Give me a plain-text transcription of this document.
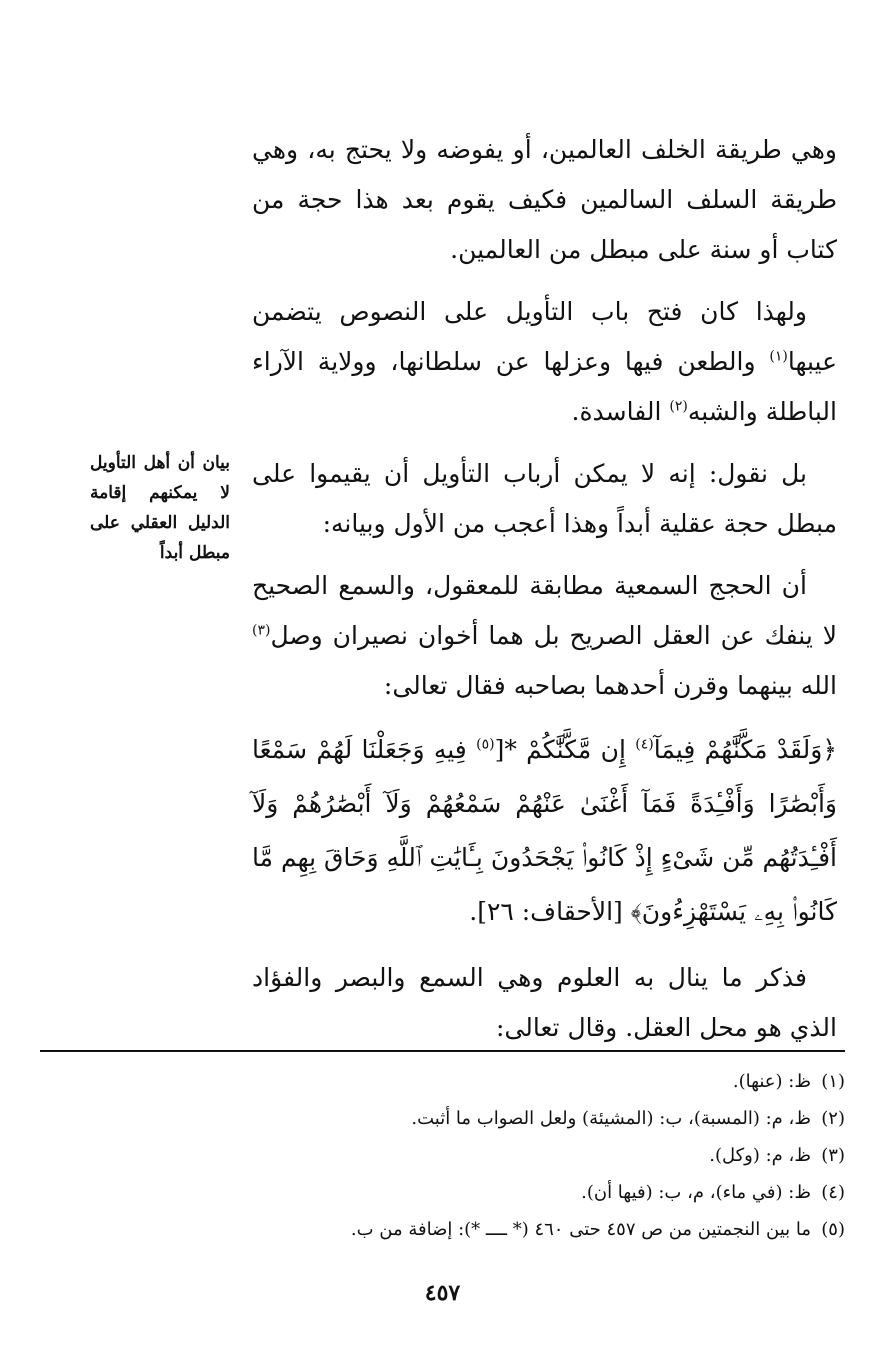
وهي طريقة الخلف العالمين، أو يفوضه ولا يحتج به، وهي طريقة السلف السالمين فكيف يقوم بعد هذا حجة من كتاب أو سنة على مبطل من العالمين.

ولهذا كان فتح باب التأويل على النصوص يتضمن عيبها$^{(١)}$ والطعن فيها وعزلها عن سلطانها، وولاية الآراء الباطلة والشبه$^{(٢)}$ الفاسدة.

بل نقول: إنه لا يمكن أرباب التأويل أن يقيموا على مبطل حجة عقلية أبداً وهذا أعجب من الأول وبيانه:

أن الحجج السمعية مطابقة للمعقول، والسمع الصحيح لا ينفك عن العقل الصريح بل هما أخوان نصيران وصل$^{(٣)}$ الله بينهما وقرن أحدهما بصاحبه فقال تعالى:

﴿وَلَقَدْ مَكَّنَّٰهُمْ فِيمَآ$^{(٤)}$ إِن مَّكَّنَّٰكُمْ *[$^{(٥)}$ فِيهِ وَجَعَلْنَا لَهُمْ سَمْعًا وَأَبْصَٰرًا وَأَفْـِٔدَةً فَمَآ أَغْنَىٰ عَنْهُمْ سَمْعُهُمْ وَلَآ أَبْصَٰرُهُمْ وَلَآ أَفْـِٔدَتُهُم مِّن شَىْءٍ إِذْ كَانُوا۟ يَجْحَدُونَ بِـَٔايَٰتِ ٱللَّهِ وَحَاقَ بِهِم مَّا كَانُوا۟ بِهِۦ يَسْتَهْزِءُونَ﴾ [الأحقاف: ٢٦].

فذكر ما ينال به العلوم وهي السمع والبصر والفؤاد الذي هو محل العقل. وقال تعالى:

بيان أن أهل التأويل لا يمكنهم إقامة الدليل العقلي على مبطل أبداً
(١)ظ: (عنها).
(٢)ظ، م: (المسبة)، ب: (المشيئة) ولعل الصواب ما أثبت.
(٣)ظ، م: (وكل).
(٤)ظ: (في ماء)، م، ب: (فيها أن).
(٥)ما بين النجمتين من ص ٤٥٧ حتى ٤٦٠ (* ــــ *): إضافة من ب.
٤٥٧
